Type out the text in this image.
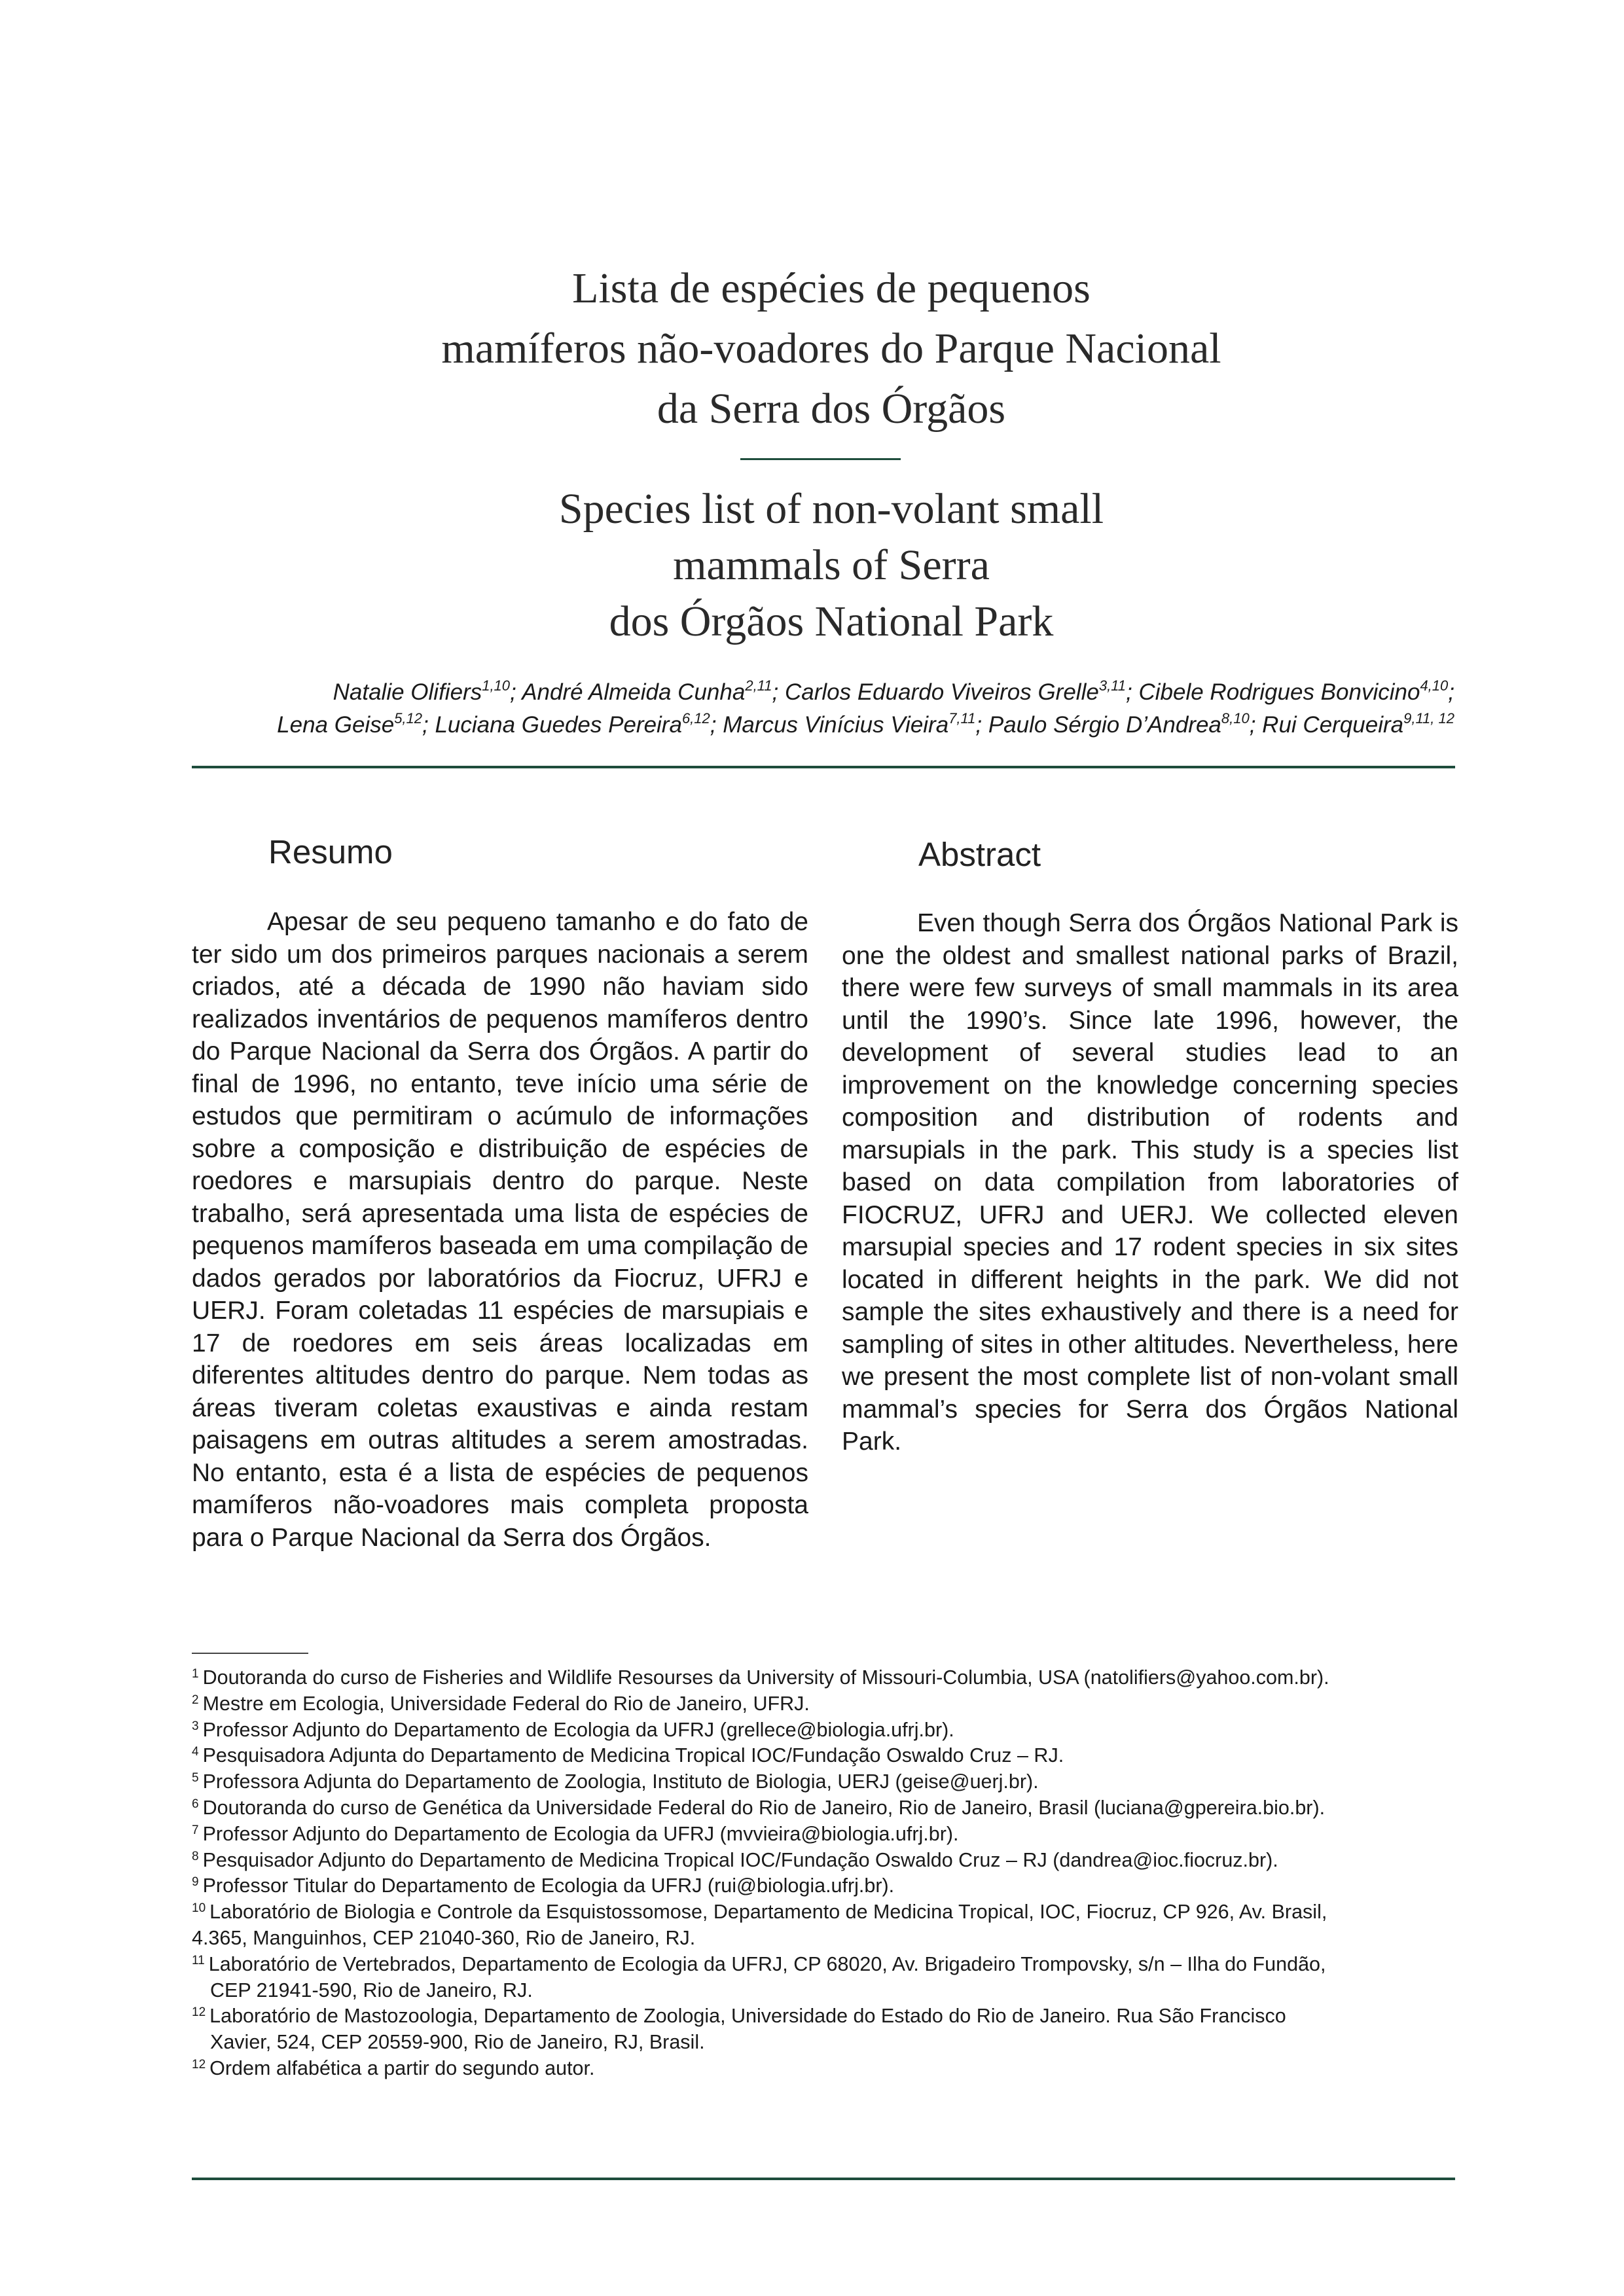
Lista de espécies de pequenos
mamíferos não-voadores do Parque Nacional
da Serra dos Órgãos
Species list of non-volant small
mammals of Serra
dos Órgãos National Park
Natalie Olifiers$^{1,10}$; André Almeida Cunha$^{2,11}$; Carlos Eduardo Viveiros Grelle$^{3,11}$; Cibele Rodrigues Bonvicino$^{4,10}$;
Lena Geise$^{5,12}$; Luciana Guedes Pereira$^{6,12}$; Marcus Vinícius Vieira$^{7,11}$; Paulo Sérgio D’Andrea$^{8,10}$; Rui Cerqueira$^{9,11, 12}$
Resumo	Abstract
Apesar de seu pequeno tamanho e do fato de ter sido um dos primeiros parques nacionais a serem criados, até a década de 1990 não haviam sido realizados inventários de pequenos mamíferos dentro do Parque Nacional da Serra dos Órgãos. A partir do final de 1996, no entanto, teve início uma série de estudos que permitiram o acúmulo de informações sobre a composição e distribuição de espécies de roedores e marsupiais dentro do parque. Neste trabalho, será apresentada uma lista de espécies de pequenos mamíferos baseada em uma compilação de dados gerados por laboratórios da Fiocruz, UFRJ e UERJ. Foram coletadas 11 espécies de marsupiais e 17 de roedores em seis áreas localizadas em diferentes altitudes dentro do parque. Nem todas as áreas tiveram coletas exaustivas e ainda restam paisagens em outras altitudes a serem amostradas. No entanto, esta é a lista de espécies de pequenos mamíferos não-voadores mais completa proposta para o Parque Nacional da Serra dos Órgãos.
Even though Serra dos Órgãos National Park is one the oldest and smallest national parks of Brazil, there were few surveys of small mammals in its area until the 1990’s. Since late 1996, however, the development of several studies lead to an improvement on the knowledge concerning species composition and distribution of rodents and marsupials in the park. This study is a species list based on data compilation from laboratories of FIOCRUZ, UFRJ and UERJ. We collected eleven marsupial species and 17 rodent species in six sites located in different heights in the park. We did not sample the sites exhaustively and there is a need for sampling of sites in other altitudes. Nevertheless, here we present the most complete list of non-volant small mammal’s species for Serra dos Órgãos National Park.
$^1$ Doutoranda do curso de Fisheries and Wildlife Resourses da University of Missouri-Columbia, USA (natolifiers@yahoo.com.br).
$^2$ Mestre em Ecologia, Universidade Federal do Rio de Janeiro, UFRJ.
$^3$ Professor Adjunto do Departamento de Ecologia da UFRJ (grellece@biologia.ufrj.br).
$^4$ Pesquisadora Adjunta do Departamento de Medicina Tropical IOC/Fundação Oswaldo Cruz – RJ.
$^5$ Professora Adjunta do Departamento de Zoologia, Instituto de Biologia, UERJ (geise@uerj.br).
$^6$ Doutoranda do curso de Genética da Universidade Federal do Rio de Janeiro, Rio de Janeiro, Brasil (luciana@gpereira.bio.br).
$^7$ Professor Adjunto do Departamento de Ecologia da UFRJ (mvvieira@biologia.ufrj.br).
$^8$ Pesquisador Adjunto do Departamento de Medicina Tropical IOC/Fundação Oswaldo Cruz – RJ (dandrea@ioc.fiocruz.br).
$^9$ Professor Titular do Departamento de Ecologia da UFRJ (rui@biologia.ufrj.br).
$^{10}$ Laboratório de Biologia e Controle da Esquistossomose, Departamento de Medicina Tropical, IOC, Fiocruz, CP 926, Av. Brasil,
4.365, Manguinhos, CEP 21040-360, Rio de Janeiro, RJ.
$^{11}$ Laboratório de Vertebrados, Departamento de Ecologia da UFRJ, CP 68020, Av. Brigadeiro Trompovsky, s/n – Ilha do Fundão,
CEP 21941-590, Rio de Janeiro, RJ.
$^{12}$ Laboratório de Mastozoologia, Departamento de Zoologia, Universidade do Estado do Rio de Janeiro. Rua São Francisco
Xavier, 524, CEP 20559-900, Rio de Janeiro, RJ, Brasil.
$^{12}$ Ordem alfabética a partir do segundo autor.
